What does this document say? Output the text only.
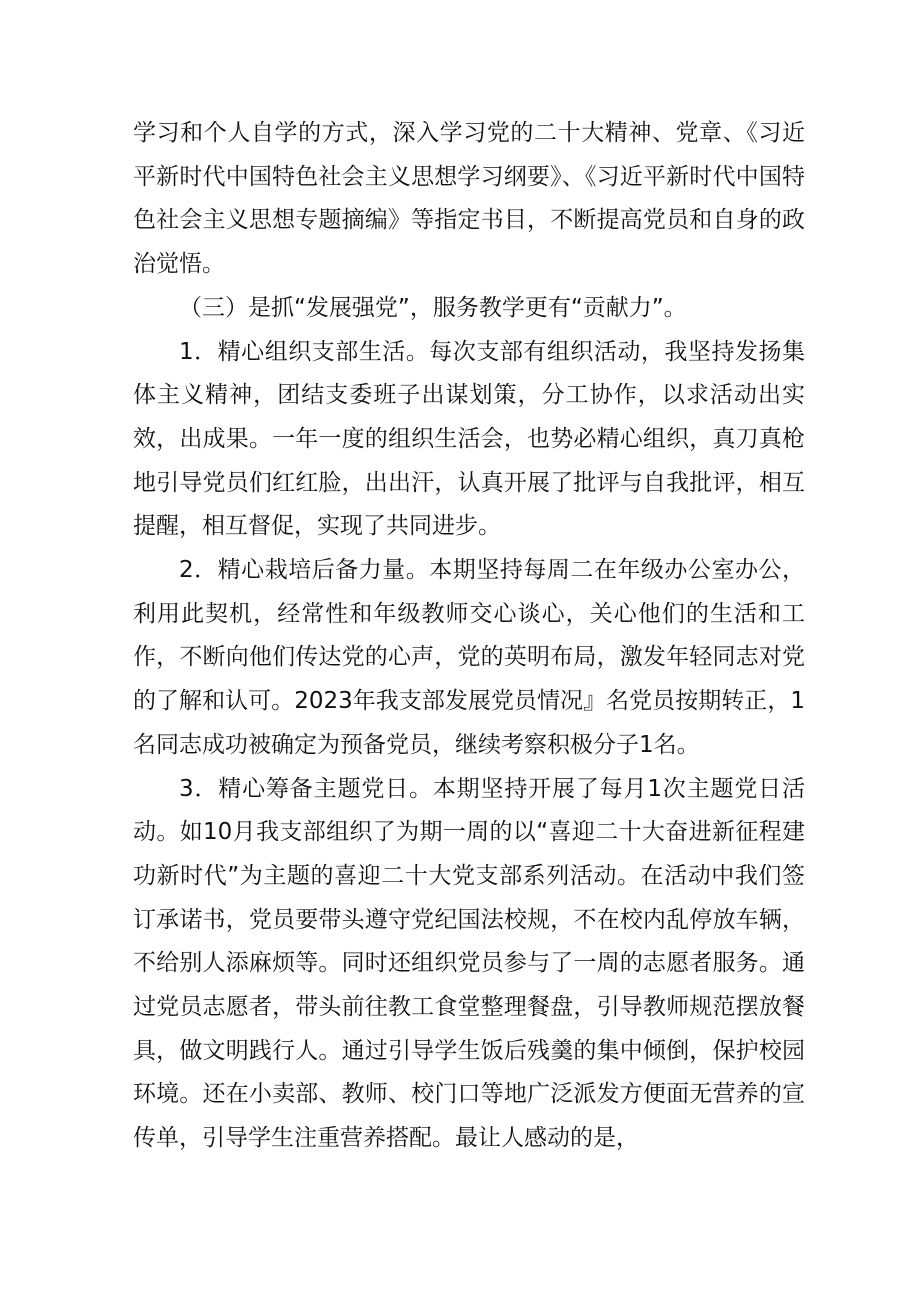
学习和个人自学的方式，深入学习党的二十大精神、党章、《习近平新时代中国特色社会主义思想学习纲要》、《习近平新时代中国特色社会主义思想专题摘编》等指定书目，不断提高党员和自身的政治觉悟。

（三）是抓“发展强党”，服务教学更有“贡献力”。

1．精心组织支部生活。每次支部有组织活动，我坚持发扬集体主义精神，团结支委班子出谋划策，分工协作，以求活动出实效，出成果。一年一度的组织生活会，也势必精心组织，真刀真枪地引导党员们红红脸，出出汗，认真开展了批评与自我批评，相互提醒，相互督促，实现了共同进步。

2．精心栽培后备力量。本期坚持每周二在年级办公室办公，利用此契机，经常性和年级教师交心谈心，关心他们的生活和工作，不断向他们传达党的心声，党的英明布局，激发年轻同志对党的了解和认可。2023年我支部发展党员情况』名党员按期转正，1名同志成功被确定为预备党员，继续考察积极分子1名。

3．精心筹备主题党日。本期坚持开展了每月1次主题党日活动。如10月我支部组织了为期一周的以“喜迎二十大奋进新征程建功新时代”为主题的喜迎二十大党支部系列活动。在活动中我们签订承诺书，党员要带头遵守党纪国法校规，不在校内乱停放车辆，不给别人添麻烦等。同时还组织党员参与了一周的志愿者服务。通过党员志愿者，带头前往教工食堂整理餐盘，引导教师规范摆放餐具，做文明践行人。通过引导学生饭后残羹的集中倾倒，保护校园环境。还在小卖部、教师、校门口等地广泛派发方便面无营养的宣传单，引导学生注重营养搭配。最让人感动的是，
